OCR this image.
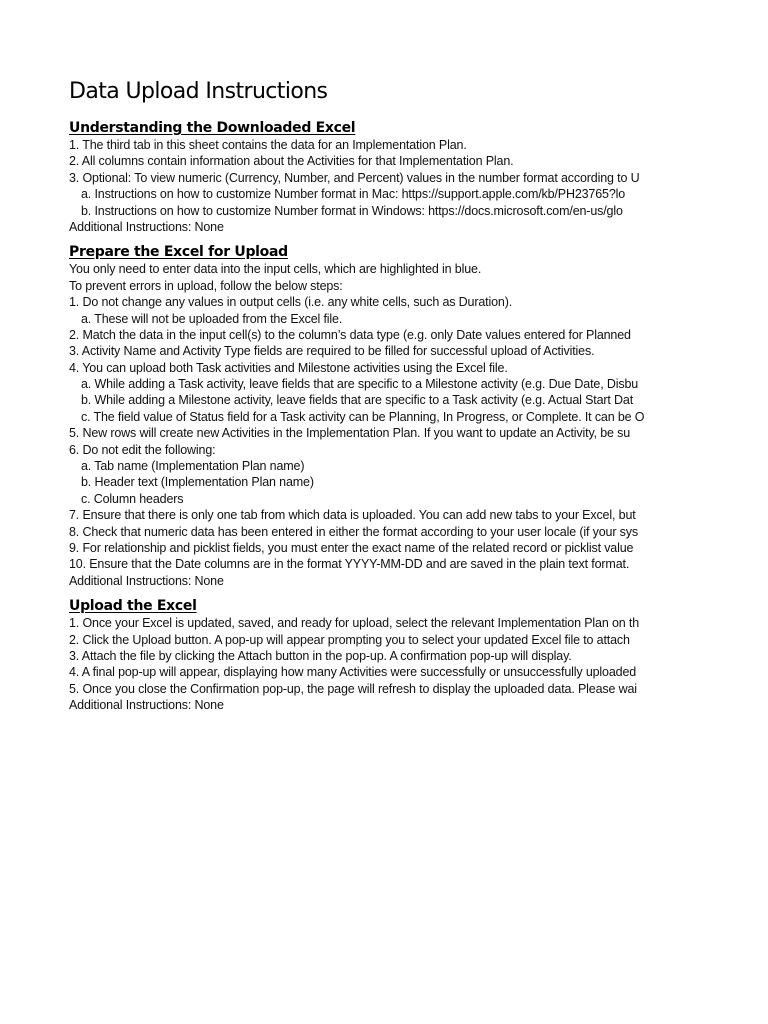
Data Upload Instructions
Understanding the Downloaded Excel
1. The third tab in this sheet contains the data for an Implementation Plan.
2. All columns contain information about the Activities for that Implementation Plan.
3. Optional: To view numeric (Currency, Number, and Percent) values in the number format according to U
a. Instructions on how to customize Number format in Mac: https://support.apple.com/kb/PH23765?lo
b. Instructions on how to customize Number format in Windows: https://docs.microsoft.com/en-us/glo
Additional Instructions: None
Prepare the Excel for Upload
You only need to enter data into the input cells, which are highlighted in blue.
To prevent errors in upload, follow the below steps:
1. Do not change any values in output cells (i.e. any white cells, such as Duration).
a. These will not be uploaded from the Excel file.
2. Match the data in the input cell(s) to the column’s data type (e.g. only Date values entered for Planned
3. Activity Name and Activity Type fields are required to be filled for successful upload of Activities.
4. You can upload both Task activities and Milestone activities using the Excel file.
a. While adding a Task activity, leave fields that are specific to a Milestone activity (e.g. Due Date, Disbu
b. While adding a Milestone activity, leave fields that are specific to a Task activity (e.g. Actual Start Dat
c. The field value of Status field for a Task activity can be Planning, In Progress, or Complete. It can be O
5. New rows will create new Activities in the Implementation Plan. If you want to update an Activity, be su
6. Do not edit the following:
a. Tab name (Implementation Plan name)
b. Header text (Implementation Plan name)
c. Column headers
7. Ensure that there is only one tab from which data is uploaded. You can add new tabs to your Excel, but
8. Check that numeric data has been entered in either the format according to your user locale (if your sys
9. For relationship and picklist fields, you must enter the exact name of the related record or picklist value
10. Ensure that the Date columns are in the format YYYY-MM-DD and are saved in the plain text format.
Additional Instructions: None
Upload the Excel
1. Once your Excel is updated, saved, and ready for upload, select the relevant Implementation Plan on th
2. Click the Upload button. A pop-up will appear prompting you to select your updated Excel file to attach
3. Attach the file by clicking the Attach button in the pop-up. A confirmation pop-up will display.
4. A final pop-up will appear, displaying how many Activities were successfully or unsuccessfully uploaded
5. Once you close the Confirmation pop-up, the page will refresh to display the uploaded data. Please wai
Additional Instructions: None
